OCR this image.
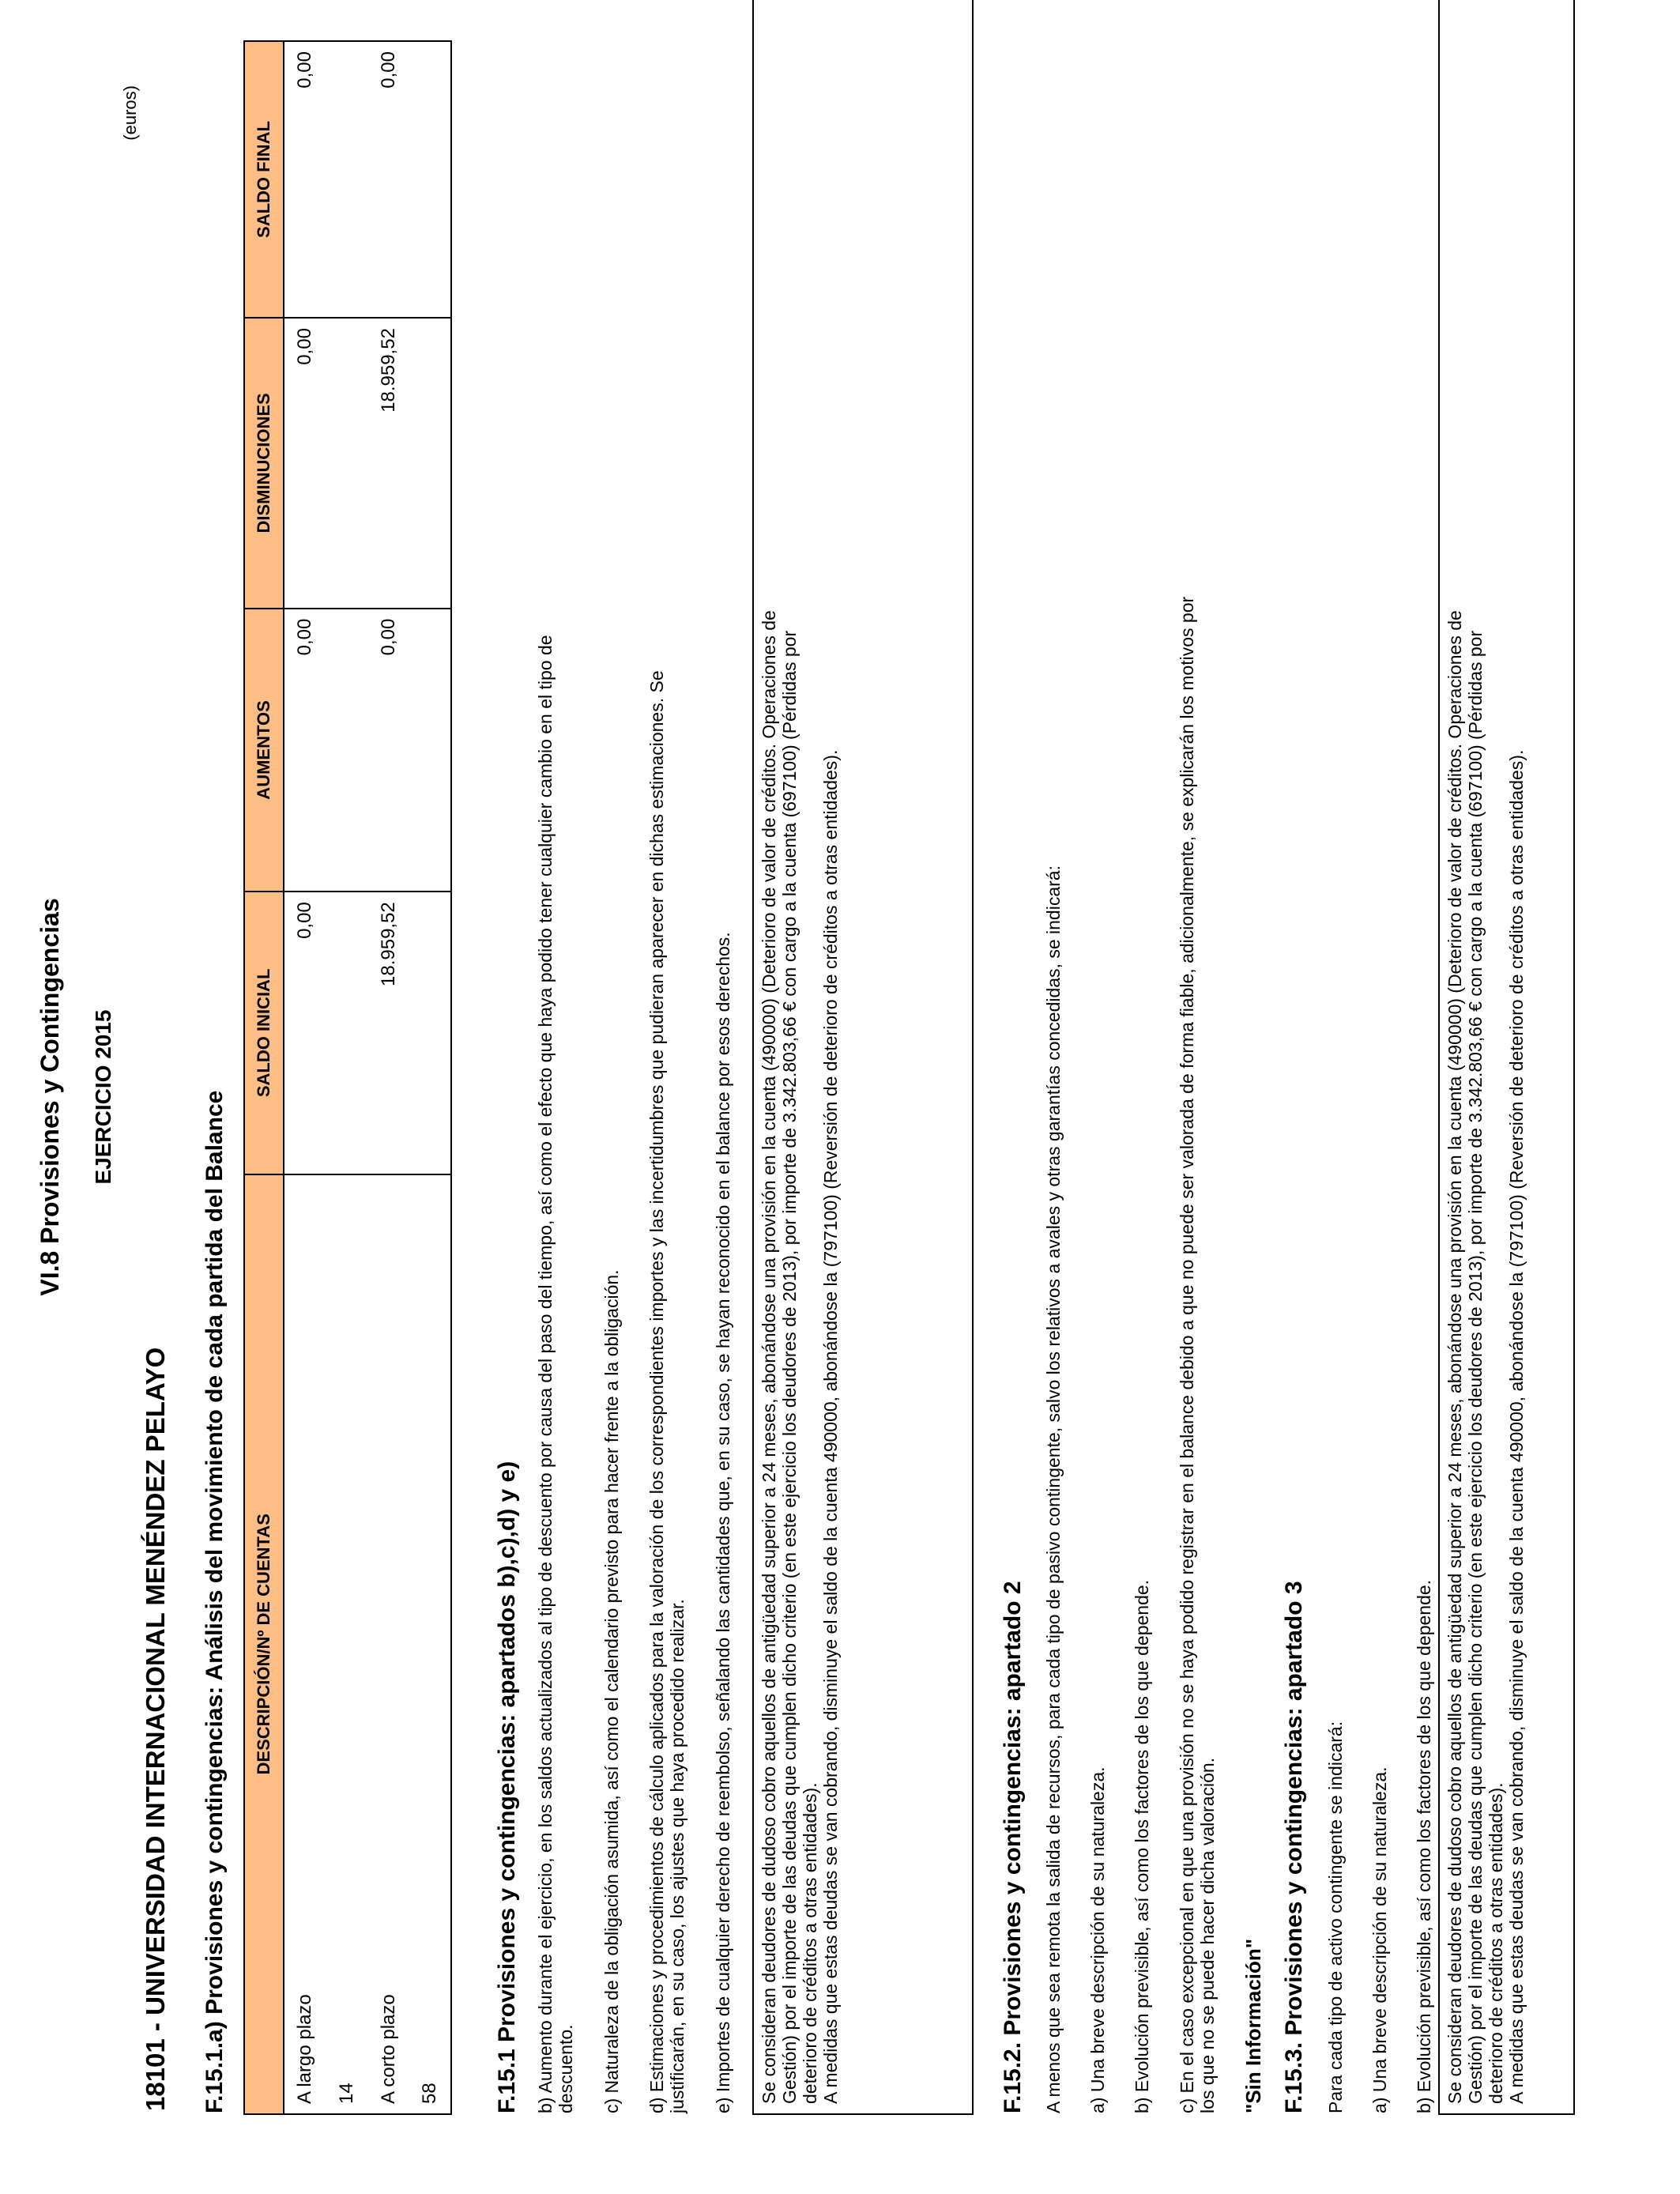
VI.8 Provisiones y Contingencias EJERCICIO 2015
(euros)
18101 - UNIVERSIDAD INTERNACIONAL MENÉNDEZ PELAYO F.15.1.a) Provisiones y contingencias: Análisis del movimiento de cada partida del Balance DESCRIPCIÓN/Nº DE CUENTAS	SALDO INICIAL	AUMENTOS	DISMINUCIONES	SALDO FINAL
A largo plazo	0,00	0,00	0,00	0,00
14				
A corto plazo	18.959,52	0,00	18.959,52	0,00
58				F.15.1 Provisiones y contingencias: apartados b),c),d) y e) b) Aumento durante el ejercicio, en los saldos actualizados al tipo de descuento por causa del paso del tiempo, así como el efecto que haya podido tener cualquier cambio en el tipo de descuento. c) Naturaleza de la obligación asumida, así como el calendario previsto para hacer frente a la obligación. d) Estimaciones y procedimientos de cálculo aplicados para la valoración de los correspondientes importes y las incertidumbres que pudieran aparecer en dichas estimaciones. Se justificarán, en su caso, los ajustes que haya procedido realizar. e) Importes de cualquier derecho de reembolso, señalando las cantidades que, en su caso, se hayan reconocido en el balance por esos derechos. Se consideran deudores de dudoso cobro aquellos de antigüedad superior a 24 meses, abonándose una provisión en la cuenta (490000) (Deterioro de valor de créditos. Operaciones de Gestión) por el importe de las deudas que cumplen dicho criterio (en este ejercicio los deudores de 2013), por importe de 3.342.803,66 € con cargo a la cuenta (697100) (Pérdidas por deterioro de créditos a otras entidades). A medidas que estas deudas se van cobrando, disminuye el saldo de la cuenta 490000, abonándose la (797100) (Reversión de deterioro de créditos a otras entidades).	F.15.2. Provisiones y contingencias: apartado 2 A menos que sea remota la salida de recursos, para cada tipo de pasivo contingente, salvo los relativos a avales y otras garantías concedidas, se indicará: a) Una breve descripción de su naturaleza. b) Evolución previsible, así como los factores de los que depende. c) En el caso excepcional en que una provisión no se haya podido registrar en el balance debido a que no puede ser valorada de forma fiable, adicionalmente, se explicarán los motivos por los que no se puede hacer dicha valoración. "Sin Información" F.15.3. Provisiones y contingencias: apartado 3 Para cada tipo de activo contingente se indicará: a) Una breve descripción de su naturaleza. b) Evolución previsible, así como los factores de los que depende. Se consideran deudores de dudoso cobro aquellos de antigüedad superior a 24 meses, abonándose una provisión en la cuenta (490000) (Deterioro de valor de créditos. Operaciones de Gestión) por el importe de las deudas que cumplen dicho criterio (en este ejercicio los deudores de 2013), por importe de 3.342.803,66 € con cargo a la cuenta (697100) (Pérdidas por deterioro de créditos a otras entidades). A medidas que estas deudas se van cobrando, disminuye el saldo de la cuenta 490000, abonándose la (797100) (Reversión de deterioro de créditos a otras entidades).
